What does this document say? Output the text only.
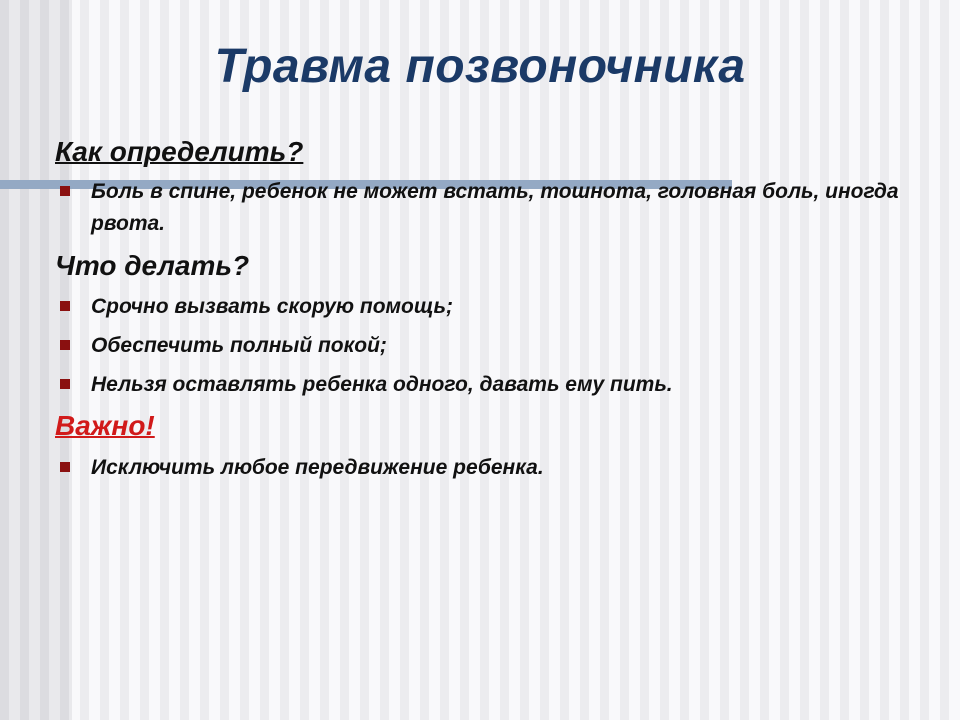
Травма позвоночника

Как определить?

Боль в спине, ребенок не может встать, тошнота, головная боль, иногда рвота.

Что делать?

Срочно вызвать скорую помощь;
Обеспечить полный покой;
Нельзя оставлять ребенка одного, давать ему пить.

Важно!

Исключить любое передвижение ребенка.
